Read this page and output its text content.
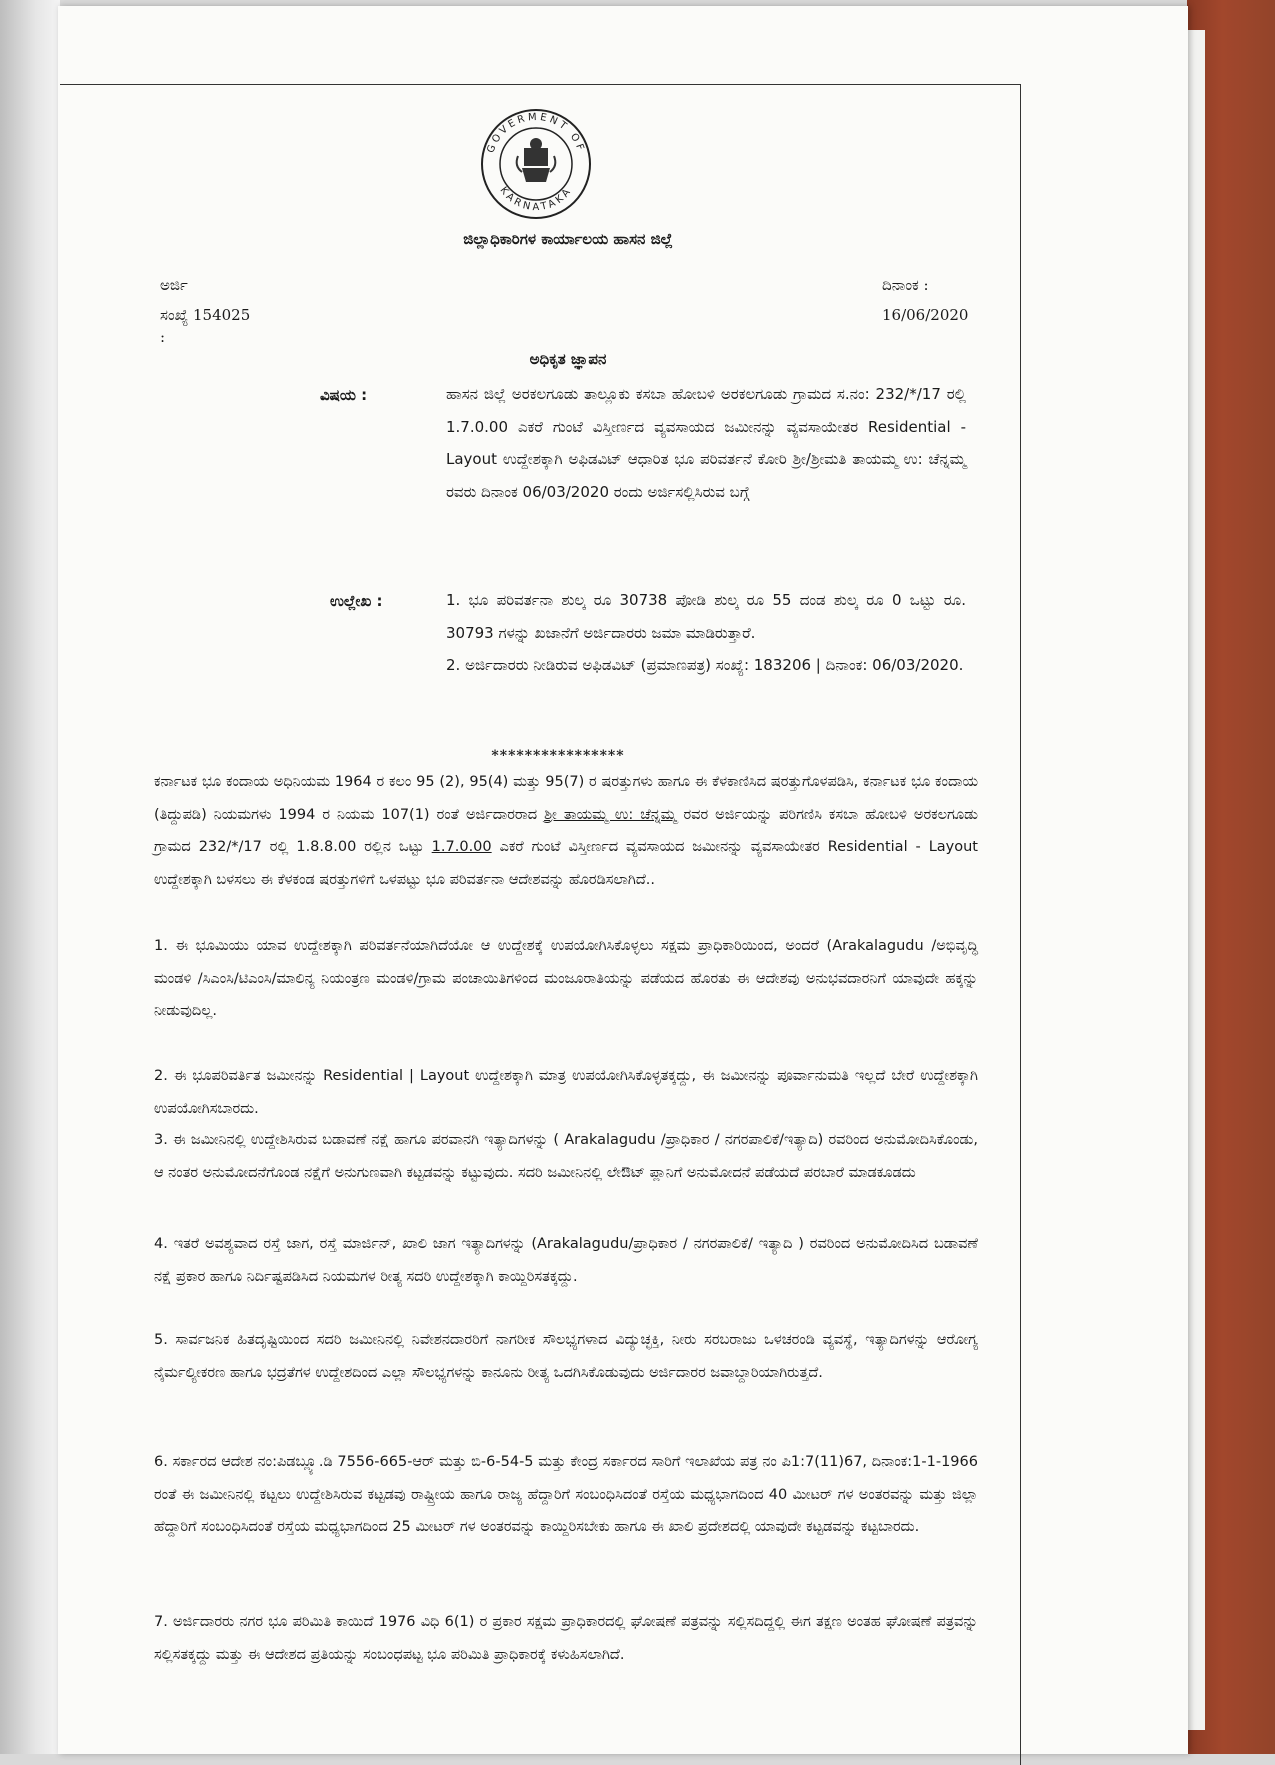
GOVERMENT OF
KARNATAKA
ಜಿಲ್ಲಾಧಿಕಾರಿಗಳ ಕಾರ್ಯಾಲಯ ಹಾಸನ ಜಿಲ್ಲೆ
ಅರ್ಜಿ
ಸಂಖ್ಯೆ 154025
:
ದಿನಾಂಕ :
16/06/2020
ಅಧಿಕೃತ ಜ್ಞಾಪನ
ವಿಷಯ :	ಹಾಸನ ಜಿಲ್ಲೆ ಅರಕಲಗೂಡು ತಾಲ್ಲೂಕು ಕಸಬಾ ಹೋಬಳಿ ಅರಕಲಗೂಡು ಗ್ರಾಮದ ಸ.ನಂ: 232/*/17 ರಲ್ಲಿ 1.7.0.00 ಎಕರೆ ಗುಂಟೆ ವಿಸ್ತೀರ್ಣದ ವ್ಯವಸಾಯದ ಜಮೀನನ್ನು ವ್ಯವಸಾಯೇತರ Residential - Layout ಉದ್ದೇಶಕ್ಕಾಗಿ ಅಫಿಡವಿಟ್ ಆಧಾರಿತ ಭೂ ಪರಿವರ್ತನೆ ಕೋರಿ ಶ್ರೀ/ಶ್ರೀಮತಿ ತಾಯಮ್ಮ ಉ: ಚೆನ್ನಮ್ಮ ರವರು ದಿನಾಂಕ 06/03/2020 ರಂದು ಅರ್ಜಿಸಲ್ಲಿಸಿರುವ ಬಗ್ಗೆ
ಉಲ್ಲೇಖ :	1. ಭೂ ಪರಿವರ್ತನಾ ಶುಲ್ಕ ರೂ 30738 ಪೋಡಿ ಶುಲ್ಕ ರೂ 55 ದಂಡ ಶುಲ್ಕ ರೂ 0 ಒಟ್ಟು ರೂ. 30793 ಗಳನ್ನು ಖಜಾನೆಗೆ ಅರ್ಜಿದಾರರು ಜಮಾ ಮಾಡಿರುತ್ತಾರೆ.
2. ಅರ್ಜಿದಾರರು ನೀಡಿರುವ ಅಫಿಡವಿಟ್ (ಪ್ರಮಾಣಪತ್ರ) ಸಂಖ್ಯೆ: 183206 | ದಿನಾಂಕ: 06/03/2020.
****************
ಕರ್ನಾಟಕ ಭೂ ಕಂದಾಯ ಅಧಿನಿಯಮ 1964 ರ ಕಲಂ 95 (2), 95(4) ಮತ್ತು 95(7) ರ ಷರತ್ತುಗಳು ಹಾಗೂ ಈ ಕೆಳಕಾಣಿಸಿದ ಷರತ್ತುಗೊಳಪಡಿಸಿ, ಕರ್ನಾಟಕ ಭೂ ಕಂದಾಯ (ತಿದ್ದುಪಡಿ) ನಿಯಮಗಳು 1994 ರ ನಿಯಮ 107(1) ರಂತೆ ಅರ್ಜಿದಾರರಾದ ಶ್ರೀ ತಾಯಮ್ಮ ಉ: ಚೆನ್ನಮ್ಮ ರವರ ಅರ್ಜಿಯನ್ನು ಪರಿಗಣಿಸಿ ಕಸಬಾ ಹೋಬಳಿ ಅರಕಲಗೂಡು ಗ್ರಾಮದ 232/*/17 ರಲ್ಲಿ 1.8.8.00 ರಲ್ಲಿನ ಒಟ್ಟು 1.7.0.00 ಎಕರೆ ಗುಂಟೆ ವಿಸ್ತೀರ್ಣದ ವ್ಯವಸಾಯದ ಜಮೀನನ್ನು ವ್ಯವಸಾಯೇತರ Residential - Layout ಉದ್ದೇಶಕ್ಕಾಗಿ ಬಳಸಲು ಈ ಕೆಳಕಂಡ ಷರತ್ತುಗಳಿಗೆ ಒಳಪಟ್ಟು ಭೂ ಪರಿವರ್ತನಾ ಆದೇಶವನ್ನು ಹೊರಡಿಸಲಾಗಿದೆ..
1. ಈ ಭೂಮಿಯು ಯಾವ ಉದ್ದೇಶಕ್ಕಾಗಿ ಪರಿವರ್ತನೆಯಾಗಿದೆಯೋ ಆ ಉದ್ದೇಶಕ್ಕೆ ಉಪಯೋಗಿಸಿಕೊಳ್ಳಲು ಸಕ್ಷಮ ಪ್ರಾಧಿಕಾರಿಯಿಂದ, ಅಂದರೆ (Arakalagudu /ಅಭಿವೃದ್ಧಿ ಮಂಡಳಿ /ಸಿಎಂಸಿ/ಟಿಎಂಸಿ/ಮಾಲಿನ್ಯ ನಿಯಂತ್ರಣ ಮಂಡಳಿ/ಗ್ರಾಮ ಪಂಚಾಯಿತಿಗಳಿಂದ ಮಂಜೂರಾತಿಯನ್ನು ಪಡೆಯದ ಹೊರತು ಈ ಆದೇಶವು ಅನುಭವದಾರನಿಗೆ ಯಾವುದೇ ಹಕ್ಕನ್ನು ನೀಡುವುದಿಲ್ಲ.
2. ಈ ಭೂಪರಿವರ್ತಿತ ಜಮೀನನ್ನು Residential | Layout ಉದ್ದೇಶಕ್ಕಾಗಿ ಮಾತ್ರ ಉಪಯೋಗಿಸಿಕೊಳ್ಳತಕ್ಕದ್ದು, ಈ ಜಮೀನನ್ನು ಪೂರ್ವಾನುಮತಿ ಇಲ್ಲದೆ ಬೇರೆ ಉದ್ದೇಶಕ್ಕಾಗಿ ಉಪಯೋಗಿಸಬಾರದು.
3. ಈ ಜಮೀನಿನಲ್ಲಿ ಉದ್ದೇಶಿಸಿರುವ ಬಡಾವಣೆ ನಕ್ಷೆ ಹಾಗೂ ಪರವಾನಗಿ ಇತ್ಯಾದಿಗಳನ್ನು ( Arakalagudu /ಪ್ರಾಧಿಕಾರ / ನಗರಪಾಲಿಕೆ/ಇತ್ಯಾದಿ) ರವರಿಂದ ಅನುಮೋದಿಸಿಕೊಂಡು, ಆ ನಂತರ ಅನುಮೋದನೆಗೊಂಡ ನಕ್ಷೆಗೆ ಅನುಗುಣವಾಗಿ ಕಟ್ಟಡವನ್ನು ಕಟ್ಟುವುದು. ಸದರಿ ಜಮೀನಿನಲ್ಲಿ ಲೇಔಟ್ ಪ್ಲಾನಿಗೆ ಅನುಮೋದನೆ ಪಡೆಯದೆ ಪರಬಾರೆ ಮಾಡಕೂಡದು
4. ಇತರೆ ಅವಶ್ಯವಾದ ರಸ್ತೆ ಜಾಗ, ರಸ್ತೆ ಮಾರ್ಜಿನ್, ಖಾಲಿ ಜಾಗ ಇತ್ಯಾದಿಗಳನ್ನು (Arakalagudu/ಪ್ರಾಧಿಕಾರ / ನಗರಪಾಲಿಕೆ/ ಇತ್ಯಾದಿ ) ರವರಿಂದ ಅನುಮೋದಿಸಿದ ಬಡಾವಣೆ ನಕ್ಷೆ ಪ್ರಕಾರ ಹಾಗೂ ನಿರ್ದಿಷ್ಟಪಡಿಸಿದ ನಿಯಮಗಳ ರೀತ್ಯ ಸದರಿ ಉದ್ದೇಶಕ್ಕಾಗಿ ಕಾಯ್ದಿರಿಸತಕ್ಕದ್ದು.
5. ಸಾರ್ವಜನಿಕ ಹಿತದೃಷ್ಟಿಯಿಂದ ಸದರಿ ಜಮೀನಿನಲ್ಲಿ ನಿವೇಶನದಾರರಿಗೆ ನಾಗರೀಕ ಸೌಲಭ್ಯಗಳಾದ ವಿದ್ಯುಚ್ಛಕ್ತಿ, ನೀರು ಸರಬರಾಜು ಒಳಚರಂಡಿ ವ್ಯವಸ್ಥೆ, ಇತ್ಯಾದಿಗಳನ್ನು ಆರೋಗ್ಯ ನೈರ್ಮಲ್ಯೀಕರಣ ಹಾಗೂ ಭದ್ರತೆಗಳ ಉದ್ದೇಶದಿಂದ ಎಲ್ಲಾ ಸೌಲಭ್ಯಗಳನ್ನು ಕಾನೂನು ರೀತ್ಯ ಒದಗಿಸಿಕೊಡುವುದು ಅರ್ಜಿದಾರರ ಜವಾಬ್ದಾರಿಯಾಗಿರುತ್ತದೆ.
6. ಸರ್ಕಾರದ ಆದೇಶ ನಂ:ಪಿಡಬ್ಲ್ಯೂ.ಡಿ 7556-665-ಆರ್ ಮತ್ತು ಬಿ-6-54-5 ಮತ್ತು ಕೇಂದ್ರ ಸರ್ಕಾರದ ಸಾರಿಗೆ ಇಲಾಖೆಯ ಪತ್ರ ನಂ ಪಿ1:7(11)67, ದಿನಾಂಕ:1-1-1966 ರಂತೆ ಈ ಜಮೀನಿನಲ್ಲಿ ಕಟ್ಟಲು ಉದ್ದೇಶಿಸಿರುವ ಕಟ್ಟಡವು ರಾಷ್ಟ್ರೀಯ ಹಾಗೂ ರಾಜ್ಯ ಹೆದ್ದಾರಿಗೆ ಸಂಬಂಧಿಸಿದಂತೆ ರಸ್ತೆಯ ಮಧ್ಯಭಾಗದಿಂದ 40 ಮೀಟರ್ ಗಳ ಅಂತರವನ್ನು ಮತ್ತು ಜಿಲ್ಲಾ ಹೆದ್ದಾರಿಗೆ ಸಂಬಂಧಿಸಿದಂತೆ ರಸ್ತೆಯ ಮಧ್ಯಭಾಗದಿಂದ 25 ಮೀಟರ್ ಗಳ ಅಂತರವನ್ನು ಕಾಯ್ದಿರಿಸಬೇಕು ಹಾಗೂ ಈ ಖಾಲಿ ಪ್ರದೇಶದಲ್ಲಿ ಯಾವುದೇ ಕಟ್ಟಡವನ್ನು ಕಟ್ಟಬಾರದು.
7. ಅರ್ಜಿದಾರರು ನಗರ ಭೂ ಪರಿಮಿತಿ ಕಾಯಿದೆ 1976 ವಿಧಿ 6(1) ರ ಪ್ರಕಾರ ಸಕ್ಷಮ ಪ್ರಾಧಿಕಾರದಲ್ಲಿ ಘೋಷಣೆ ಪತ್ರವನ್ನು ಸಲ್ಲಿಸದಿದ್ದಲ್ಲಿ ಈಗ ತಕ್ಷಣ ಅಂತಹ ಘೋಷಣೆ ಪತ್ರವನ್ನು ಸಲ್ಲಿಸತಕ್ಕದ್ದು ಮತ್ತು ಈ ಆದೇಶದ ಪ್ರತಿಯನ್ನು ಸಂಬಂಧಪಟ್ಟ ಭೂ ಪರಿಮಿತಿ ಪ್ರಾಧಿಕಾರಕ್ಕೆ ಕಳುಹಿಸಲಾಗಿದೆ.
